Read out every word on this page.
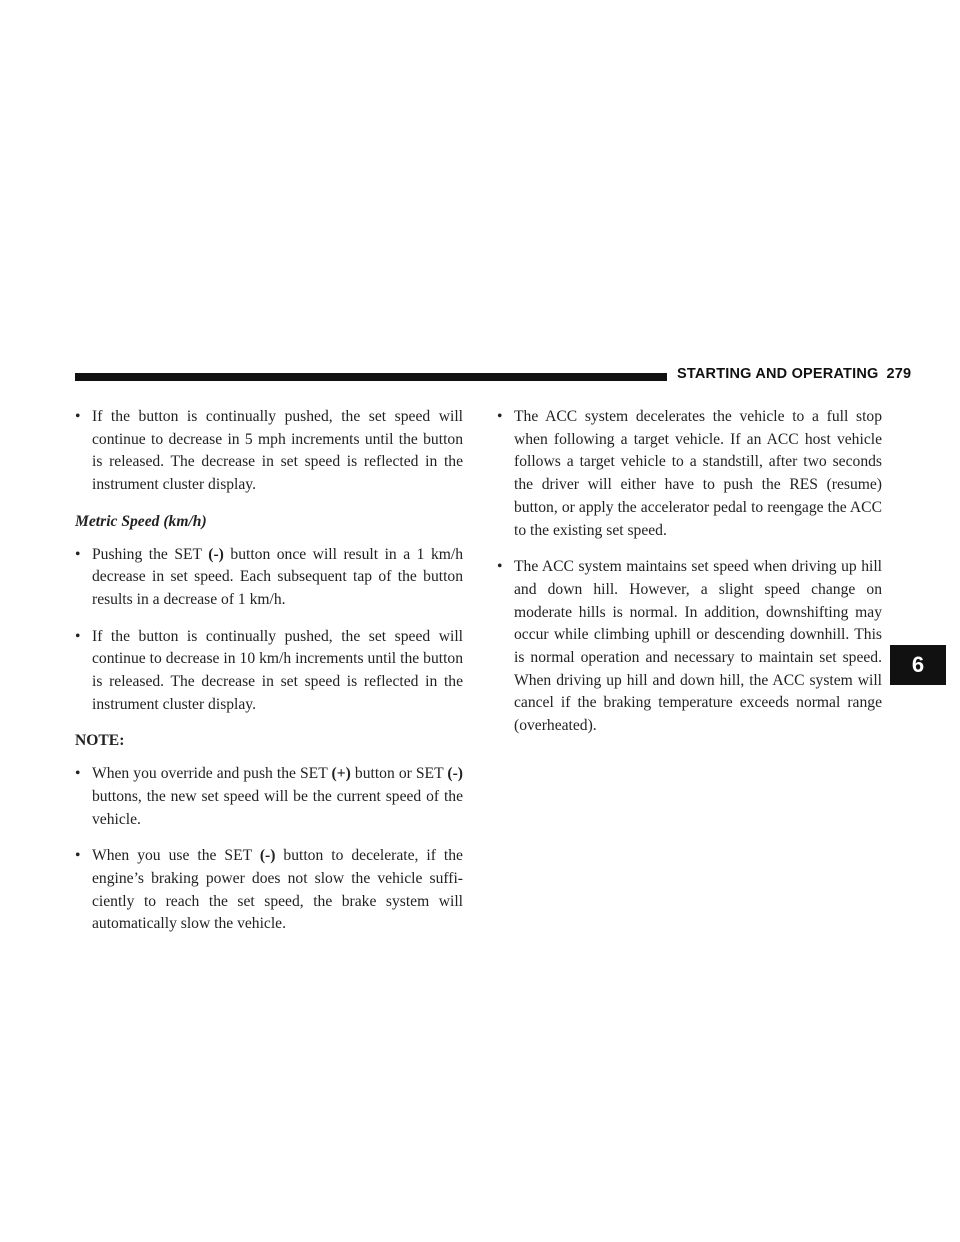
STARTING AND OPERATING 279
6

• If the button is continually pushed, the set speed will continue to decrease in 5 mph increments until the button is released. The decrease in set speed is reflected in the instrument cluster display.

Metric Speed (km/h)

• Pushing the SET (-) button once will result in a 1 km/h decrease in set speed. Each subsequent tap of the button results in a decrease of 1 km/h.

• If the button is continually pushed, the set speed will continue to decrease in 10 km/h increments until the button is released. The decrease in set speed is reflected in the instrument cluster display.

NOTE:

• When you override and push the SET (+) button or SET (-) buttons, the new set speed will be the current speed of the vehicle.

• When you use the SET (-) button to decelerate, if the engine’s braking power does not slow the vehicle suffi- ciently to reach the set speed, the brake system will automatically slow the vehicle.

• The ACC system decelerates the vehicle to a full stop when following a target vehicle. If an ACC host vehicle follows a target vehicle to a standstill, after two seconds the driver will either have to push the RES (resume) button, or apply the accelerator pedal to reengage the ACC to the existing set speed.

• The ACC system maintains set speed when driving up hill and down hill. However, a slight speed change on moderate hills is normal. In addition, downshifting may occur while climbing uphill or descending downhill. This is normal operation and necessary to maintain set speed. When driving up hill and down hill, the ACC system will cancel if the braking temperature exceeds normal range (overheated).
